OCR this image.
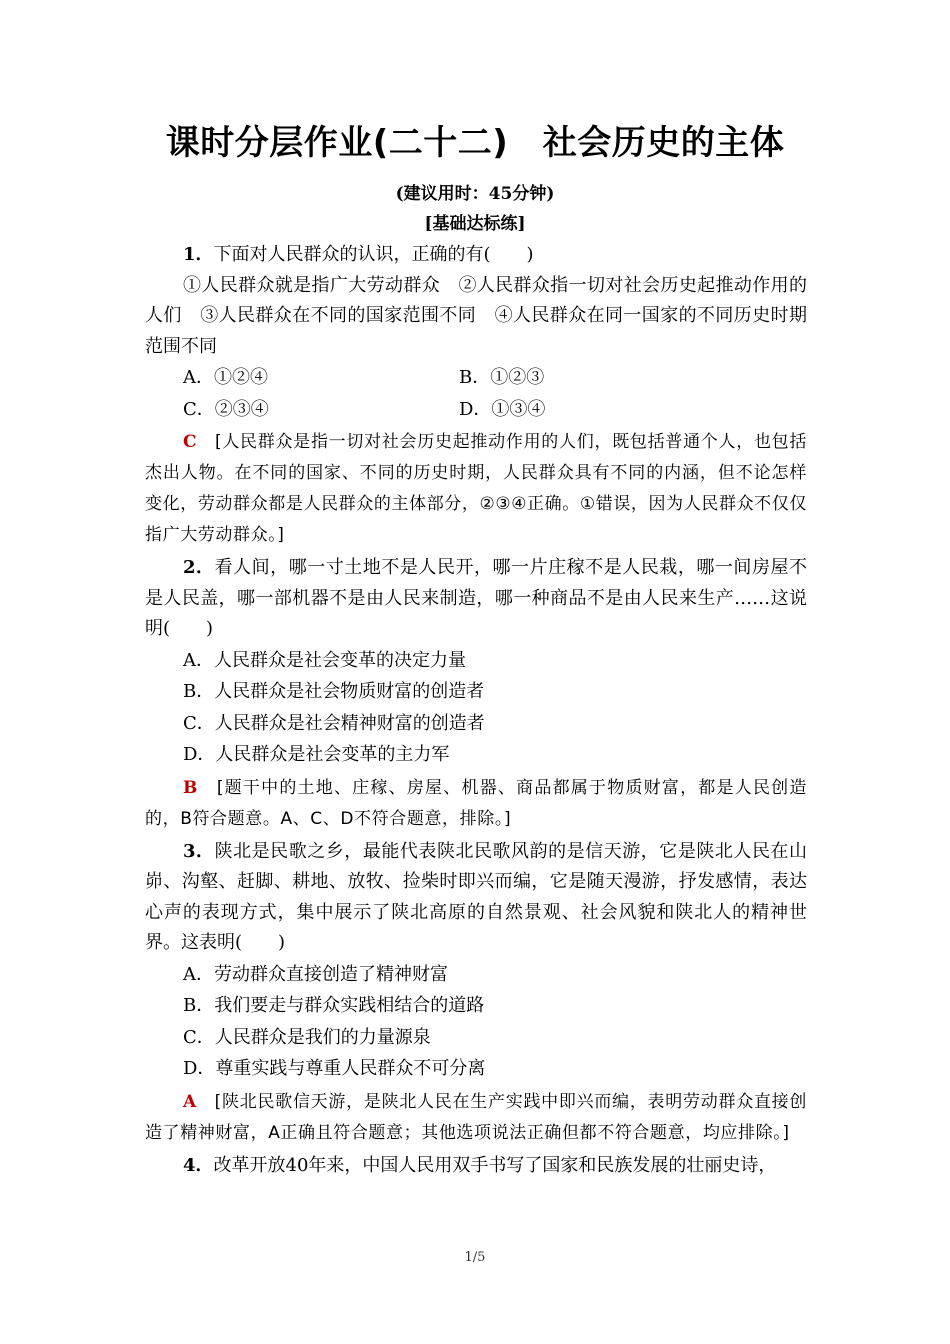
课时分层作业(二十二)　社会历史的主体
(建议用时：45分钟)
[基础达标练]

1．下面对人民群众的认识，正确的有(　　)

①人民群众就是指广大劳动群众　②人民群众指一切对社会历史起推动作用的人们　③人民群众在不同的国家范围不同　④人民群众在同一国家的不同历史时期范围不同

A．①②④	B．①②③
C．②③④	D．①③④

C　 [人民群众是指一切对社会历史起推动作用的人们，既包括普通个人，也包括杰出人物。在不同的国家、不同的历史时期，人民群众具有不同的内涵，但不论怎样变化，劳动群众都是人民群众的主体部分，②③④正确。①错误，因为人民群众不仅仅指广大劳动群众。]

2．看人间，哪一寸土地不是人民开，哪一片庄稼不是人民栽，哪一间房屋不是人民盖，哪一部机器不是由人民来制造，哪一种商品不是由人民来生产……这说明(　　)

A．人民群众是社会变革的决定力量

B．人民群众是社会物质财富的创造者

C．人民群众是社会精神财富的创造者

D．人民群众是社会变革的主力军

B　 [题干中的土地、庄稼、房屋、机器、商品都属于物质财富，都是人民创造的，B符合题意。A、C、D不符合题意，排除。]

3．陕北是民歌之乡，最能代表陕北民歌风韵的是信天游，它是陕北人民在山峁、沟壑、赶脚、耕地、放牧、捡柴时即兴而编，它是随天漫游，抒发感情，表达心声的表现方式，集中展示了陕北高原的自然景观、社会风貌和陕北人的精神世界。这表明(　　)

A．劳动群众直接创造了精神财富

B．我们要走与群众实践相结合的道路

C．人民群众是我们的力量源泉

D．尊重实践与尊重人民群众不可分离

A　 [陕北民歌信天游，是陕北人民在生产实践中即兴而编，表明劳动群众直接创造了精神财富，A正确且符合题意；其他选项说法正确但都不符合题意，均应排除。]

4．改革开放40年来，中国人民用双手书写了国家和民族发展的壮丽史诗，

1/5
